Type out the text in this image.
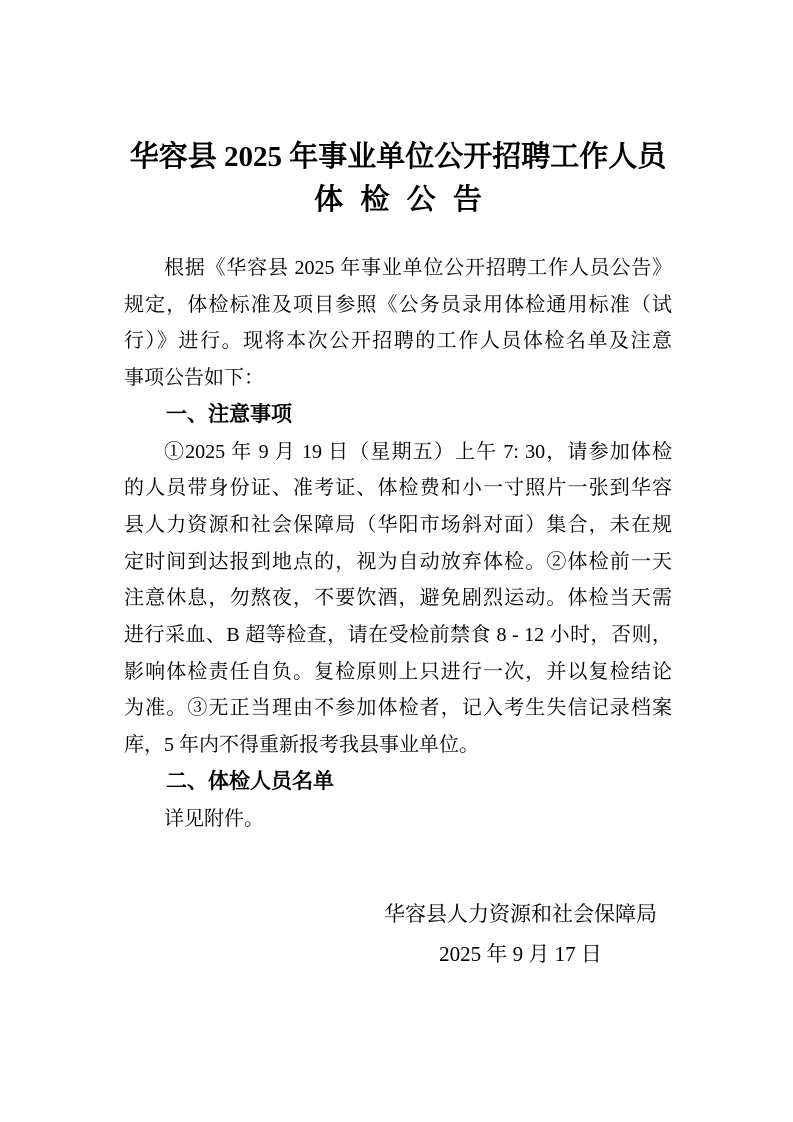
华容县 2025 年事业单位公开招聘工作人员
体 检 公 告
根据《华容县 2025 年事业单位公开招聘工作人员公告》
规定，体检标准及项目参照《公务员录用体检通用标准（试
行）》进行。现将本次公开招聘的工作人员体检名单及注意
事项公告如下：
一、注意事项
①2025 年 9 月 19 日（星期五）上午 7: 30，请参加体检
的人员带身份证、准考证、体检费和小一寸照片一张到华容
县人力资源和社会保障局（华阳市场斜对面）集合，未在规
定时间到达报到地点的，视为自动放弃体检。②体检前一天
注意休息，勿熬夜，不要饮酒，避免剧烈运动。体检当天需
进行采血、B 超等检查，请在受检前禁食 8 - 12 小时，否则，
影响体检责任自负。复检原则上只进行一次，并以复检结论
为准。③无正当理由不参加体检者，记入考生失信记录档案
库，5 年内不得重新报考我县事业单位。
二、体检人员名单
详见附件。
华容县人力资源和社会保障局
2025 年 9 月 17 日
